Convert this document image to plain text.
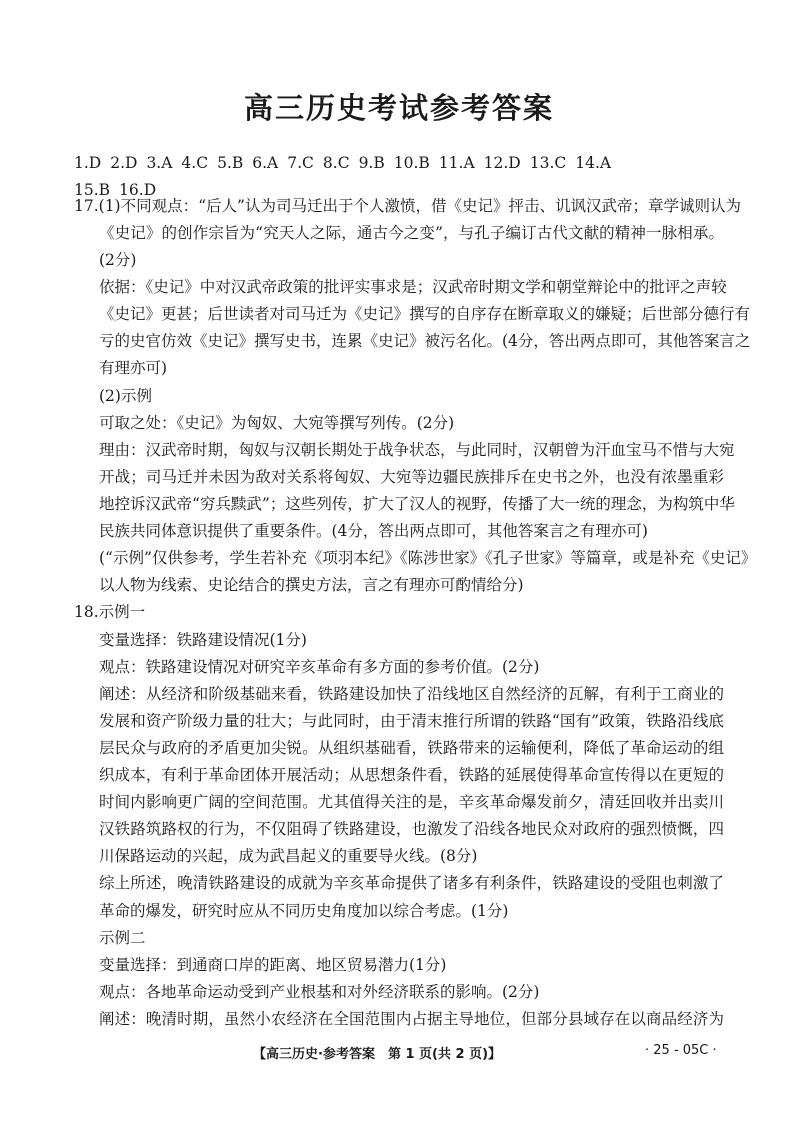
高三历史考试参考答案
1.D 2.D 3.A 4.C 5.B 6.A 7.C 8.C 9.B 10.B 11.A 12.D 13.C 14.A
15.B 16.D
17.(1)不同观点：“后人”认为司马迁出于个人激愤，借《史记》抨击、讥讽汉武帝；章学诚则认为
《史记》的创作宗旨为“究天人之际，通古今之变”，与孔子编订古代文献的精神一脉相承。
(2分)
依据：《史记》中对汉武帝政策的批评实事求是；汉武帝时期文学和朝堂辩论中的批评之声较
《史记》更甚；后世读者对司马迁为《史记》撰写的自序存在断章取义的嫌疑；后世部分德行有
亏的史官仿效《史记》撰写史书，连累《史记》被污名化。(4分，答出两点即可，其他答案言之
有理亦可)
(2)示例
可取之处：《史记》为匈奴、大宛等撰写列传。(2分)
理由：汉武帝时期，匈奴与汉朝长期处于战争状态，与此同时，汉朝曾为汗血宝马不惜与大宛
开战；司马迁并未因为敌对关系将匈奴、大宛等边疆民族排斥在史书之外，也没有浓墨重彩
地控诉汉武帝“穷兵黩武”；这些列传，扩大了汉人的视野，传播了大一统的理念，为构筑中华
民族共同体意识提供了重要条件。(4分，答出两点即可，其他答案言之有理亦可)
(“示例”仅供参考，学生若补充《项羽本纪》《陈涉世家》《孔子世家》等篇章，或是补充《史记》
以人物为线索、史论结合的撰史方法，言之有理亦可酌情给分)
18.示例一
变量选择：铁路建设情况(1分)
观点：铁路建设情况对研究辛亥革命有多方面的参考价值。(2分)
阐述：从经济和阶级基础来看，铁路建设加快了沿线地区自然经济的瓦解，有利于工商业的
发展和资产阶级力量的壮大；与此同时，由于清末推行所谓的铁路“国有”政策，铁路沿线底
层民众与政府的矛盾更加尖锐。从组织基础看，铁路带来的运输便利，降低了革命运动的组
织成本，有利于革命团体开展活动；从思想条件看，铁路的延展使得革命宣传得以在更短的
时间内影响更广阔的空间范围。尤其值得关注的是，辛亥革命爆发前夕，清廷回收并出卖川
汉铁路筑路权的行为，不仅阻碍了铁路建设，也激发了沿线各地民众对政府的强烈愤慨，四
川保路运动的兴起，成为武昌起义的重要导火线。(8分)
综上所述，晚清铁路建设的成就为辛亥革命提供了诸多有利条件，铁路建设的受阻也刺激了
革命的爆发，研究时应从不同历史角度加以综合考虑。(1分)
示例二
变量选择：到通商口岸的距离、地区贸易潜力(1分)
观点：各地革命运动受到产业根基和对外经济联系的影响。(2分)
阐述：晚清时期，虽然小农经济在全国范围内占据主导地位，但部分县域存在以商品经济为
【高三历史·参考答案　第 1 页(共 2 页)】	· 25 - 05C ·
